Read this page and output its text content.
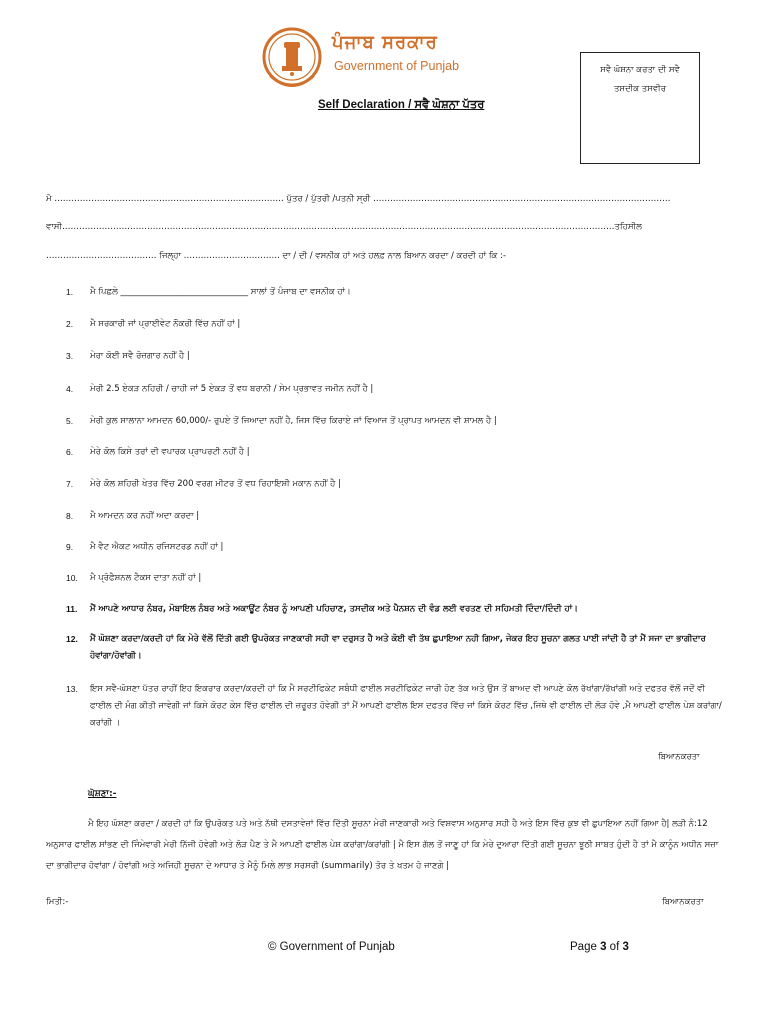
ਪੰਜਾਬ ਸਰਕਾਰ
Government of Punjab	ਸਵੈ ਘੋਸ਼ਨਾ ਕਰਤਾ ਦੀ ਸਵੈ
ਤਸਦੀਕ ਤਸਵੀਰ
Self Declaration / ਸਵੈ ਘੋਸ਼ਨਾ ਪੱਤਰ
ਮੈ ……………………………………………………………………… ਪੁੱਤਰ / ਪੁੱਤਰੀ /ਪਤਨੀ ਸ੍ਰੀ ……………………………………………………………………………………………
ਵਾਸੀ……………………………………………………………………………………………………………………………………………………………………………ਤਹਿਸੀਲ
………………………………… ਜਿਲ੍ਹਾ ……………………………. ਦਾ / ਦੀ / ਵਸਨੀਕ ਹਾਂ ਅਤੇ ਹਲਫ਼ ਨਾਲ ਬਿਆਨ ਕਰਦਾ / ਕਰਦੀ ਹਾਂ ਕਿ :-
1.	ਮੈ ਪਿਛਲੇ ______________________________ ਸਾਲਾਂ ਤੋਂ ਪੰਜਾਬ ਦਾ ਵਸਨੀਕ ਹਾਂ।
2.	ਮੈ ਸਰਕਾਰੀ ਜਾਂ ਪ੍ਰਾਈਵੇਟ ਨੌਕਰੀ ਵਿੱਚ ਨਹੀਂ ਹਾਂ |
3.	ਮੇਰਾ ਕੋਈ ਸਵੈ ਰੋਜ਼ਗਾਰ ਨਹੀਂ ਹੈ |
4.	ਮੇਰੀ 2.5 ਏਕੜ ਨਹਿਰੀ / ਚਾਹੀ ਜਾਂ 5 ਏਕੜ ਤੋਂ ਵਧ ਬਰਾਨੀ / ਸੇਮ ਪ੍ਰਭਾਵਤ ਜਮੀਨ ਨਹੀਂ ਹੈ |
5.	ਮੇਰੀ ਕੁਲ ਸਾਲਾਨਾ ਆਮਦਨ 60,000/- ਰੁਪਏ ਤੋਂ ਜਿਆਦਾ ਨਹੀਂ ਹੈ, ਜਿਸ ਵਿੱਚ ਕਿਰਾਏ ਜਾਂ ਵਿਆਜ ਤੋਂ ਪ੍ਰਾਪਤ ਆਮਦਨ ਵੀ ਸ਼ਾਮਲ ਹੈ |
6.	ਮੇਰੇ ਕੋਲ ਕਿਸੇ ਤਰਾਂ ਦੀ ਵਪਾਰਕ ਪ੍ਰਾਪਰਟੀ ਨਹੀਂ ਹੈ |
7.	ਮੇਰੇ ਕੋਲ ਸ਼ਹਿਰੀ ਖੇਤਰ ਵਿੱਚ 200 ਵਰਗ ਮੀਟਰ ਤੋਂ ਵਧ ਰਿਹਾਇਸ਼ੀ ਮਕਾਨ ਨਹੀਂ ਹੈ |
8.	ਮੈ ਆਮਦਨ ਕਰ ਨਹੀਂ ਅਦਾ ਕਰਦਾ |
9.	ਮੈ ਵੈਟ ਐਕਟ ਅਧੀਨ ਰਜਿਸਟਰਡ ਨਹੀਂ ਹਾਂ |
10.	ਮੈ ਪ੍ਰੋਫੈਸ਼ਨਲ ਟੈਕਸ ਦਾਤਾ ਨਹੀਂ ਹਾਂ |
11.	ਮੈਂ ਆਪਣੇ ਆਧਾਰ ਨੰਬਰ, ਮੋਬਾਇਲ ਨੰਬਰ ਅਤੇ ਅਕਾਊਂਟ ਨੰਬਰ ਨੂੰ ਆਪਣੀ ਪਹਿਚਾਣ, ਤਸਦੀਕ ਅਤੇ ਪੈਨਸ਼ਨ ਦੀ ਵੰਡ ਲਈ ਵਰਤਣ ਦੀ ਸਹਿਮਤੀ ਦਿੰਦਾ/ਦਿੰਦੀ ਹਾਂ।
12.	ਮੈਂ ਘੋਸ਼ਣਾ ਕਰਦਾ/ਕਰਦੀ ਹਾਂ ਕਿ ਮੇਰੇ ਵੱਲੋਂ ਦਿੱਤੀ ਗਈ ਉਪਰੋਕਤ ਜਾਣਕਾਰੀ ਸਹੀ ਵਾ ਦਰੁਸਤ ਹੈ ਅਤੇ ਕੋਈ ਵੀ ਤੱਥ ਛੁਪਾਇਆ ਨਹੀ ਗਿਆ, ਜੇਕਰ ਇਹ ਸੂਚਨਾ ਗਲਤ ਪਾਈ ਜਾਂਦੀ ਹੈ ਤਾਂ ਮੈਂ ਸਜਾ ਦਾ ਭਾਗੀਦਾਰ ਹੋਵਾਂਗਾ/ਹੋਵਾਂਗੀ।
13.	ਇਸ ਸਵੈ-ਘੋਸ਼ਣਾ ਪੱਤਰ ਰਾਹੀਂ ਇਹ ਇਕਰਾਰ ਕਰਦਾ/ਕਰਦੀ ਹਾਂ ਕਿ ਮੈ ਸਰਟੀਫਿਕੇਟ ਸਬੰਧੀ ਫਾਈਲ ਸਰਟੀਫਿਕੇਟ ਜਾਰੀ ਹੋਣ ਤੱਕ ਅਤੇ ਉਸ ਤੋਂ ਬਾਅਦ ਵੀ ਆਪਣੇ ਕੋਲ ਰੱਖਾਂਗਾ/ਰੱਖਾਂਗੀ ਅਤੇ ਦਫਤਰ ਵੱਲੋਂ ਜਦੋਂ ਵੀ ਫਾਈਲ ਦੀ ਮੰਗ ਕੀਤੀ ਜਾਵੇਗੀ ਜਾਂ ਕਿਸੇ ਕੋਰਟ ਕੇਸ ਵਿੱਚ ਫਾਈਲ ਦੀ ਜ਼ਰੂਰਤ ਹੋਵੇਗੀ ਤਾਂ ਮੈਂ ਆਪਣੀ ਫਾਈਲ ਇਸ ਦਫਤਰ ਵਿੱਚ ਜਾਂ ਕਿਸੇ ਕੋਰਟ ਵਿੱਚ ,ਜਿਥੇ ਵੀ ਫਾਈਲ ਦੀ ਲੋੜ ਹੋਵੇ ,ਮੈ ਆਪਣੀ ਫਾਈਲ ਪੇਸ਼ ਕਰਾਂਗਾ/ਕਰਾਂਗੀ ।
ਬਿਆਨਕਰਤਾ
ਘੋਸ਼ਣਾ:-
ਮੈ ਇਹ ਘੋਸ਼ਣਾ ਕਰਦਾ / ਕਰਦੀ ਹਾਂ ਕਿ ਉਪਰੋਕਤ ਪਤੇ ਅਤੇ ਨੱਥੀ ਦਸਤਾਵੇਜ਼ਾਂ ਵਿੱਚ ਦਿੱਤੀ ਸੂਚਨਾ ਮੇਰੀ ਜਾਣਕਾਰੀ ਅਤੇ ਵਿਸ਼ਵਾਸ ਅਨੁਸਾਰ ਸਹੀ ਹੈ ਅਤੇ ਇਸ ਵਿੱਚ ਕੁਝ ਵੀ ਛੁਪਾਇਆ ਨਹੀਂ ਗਿਆ ਹੈ| ਲੜੀ ਨੰ:12 ਅਨੁਸਾਰ ਫਾਈਲ ਸਾਂਭਣ ਦੀ ਜਿੰਮੇਵਾਰੀ ਮੇਰੀ ਨਿੱਜੀ ਹੋਵੇਗੀ ਅਤੇ ਲੋੜ ਪੈਣ ਤੇ ਮੈ ਆਪਣੀ ਫਾਈਲ ਪੇਸ਼ ਕਰਾਂਗਾ/ਕਰਾਂਗੀ | ਮੈ ਇਸ ਗੱਲ ਤੋਂ ਜਾਣੂ ਹਾਂ ਕਿ ਮੇਰੇ ਦੁਆਰਾ ਦਿੱਤੀ ਗਈ ਸੂਚਨਾ ਝੂਠੀ ਸਾਬਤ ਹੁੰਦੀ ਹੈ ਤਾਂ ਮੈ ਕਾਨੂੰਨ ਅਧੀਨ ਸਜ਼ਾ ਦਾ ਭਾਗੀਦਾਰ ਹੋਵਾਂਗਾ / ਹੋਵਾਂਗੀ ਅਤੇ ਅਜਿਹੀ ਸੂਚਨਾ ਦੇ ਆਧਾਰ ਤੇ ਮੈਨੂੰ ਮਿਲੇ ਲਾਭ ਸਰਸਰੀ (summarily) ਤੋਰ ਤੇ ਖਤਮ ਹੋ ਜਾਣਗੇ |
ਮਿਤੀ:-	ਬਿਆਨਕਰਤਾ
© Government of Punjab	Page 3 of 3
